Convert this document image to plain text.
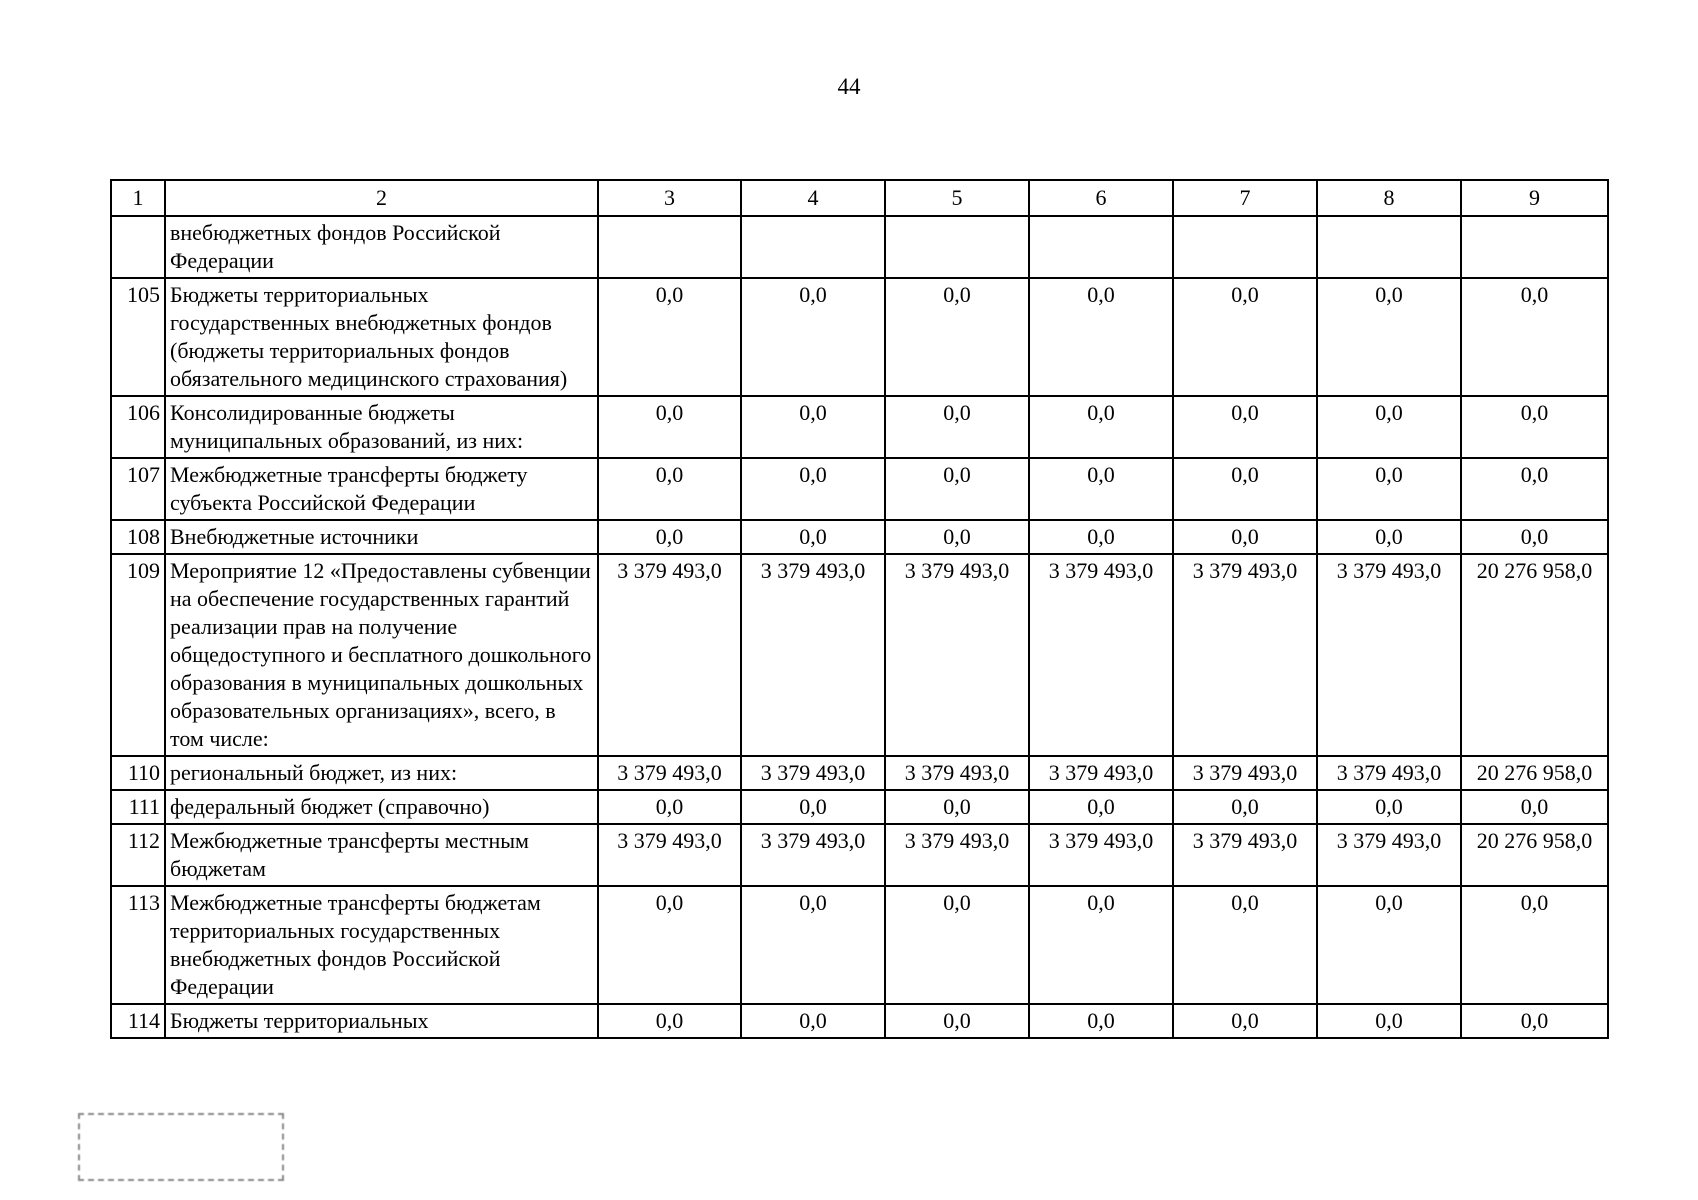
44
1	2	3	4	5	6	7	8	9
	внебюджетных фондов Российской Федерации							
105	Бюджеты территориальных государственных внебюджетных фондов (бюджеты территориальных фондов обязательного медицинского страхования)	0,0	0,0	0,0	0,0	0,0	0,0	0,0
106	Консолидированные бюджеты муниципальных образований, из них:	0,0	0,0	0,0	0,0	0,0	0,0	0,0
107	Межбюджетные трансферты бюджету субъекта Российской Федерации	0,0	0,0	0,0	0,0	0,0	0,0	0,0
108	Внебюджетные источники	0,0	0,0	0,0	0,0	0,0	0,0	0,0
109	Мероприятие 12 «Предоставлены субвенции на обеспечение государственных гарантий реализации прав на получение общедоступного и бесплатного дошкольного образования в муниципальных дошкольных образовательных организациях», всего, в том числе:	3 379 493,0	3 379 493,0	3 379 493,0	3 379 493,0	3 379 493,0	3 379 493,0	20 276 958,0
110	региональный бюджет, из них:	3 379 493,0	3 379 493,0	3 379 493,0	3 379 493,0	3 379 493,0	3 379 493,0	20 276 958,0
111	федеральный бюджет (справочно)	0,0	0,0	0,0	0,0	0,0	0,0	0,0
112	Межбюджетные трансферты местным бюджетам	3 379 493,0	3 379 493,0	3 379 493,0	3 379 493,0	3 379 493,0	3 379 493,0	20 276 958,0
113	Межбюджетные трансферты бюджетам территориальных государственных внебюджетных фондов Российской Федерации	0,0	0,0	0,0	0,0	0,0	0,0	0,0
114	Бюджеты территориальных	0,0	0,0	0,0	0,0	0,0	0,0	0,0
